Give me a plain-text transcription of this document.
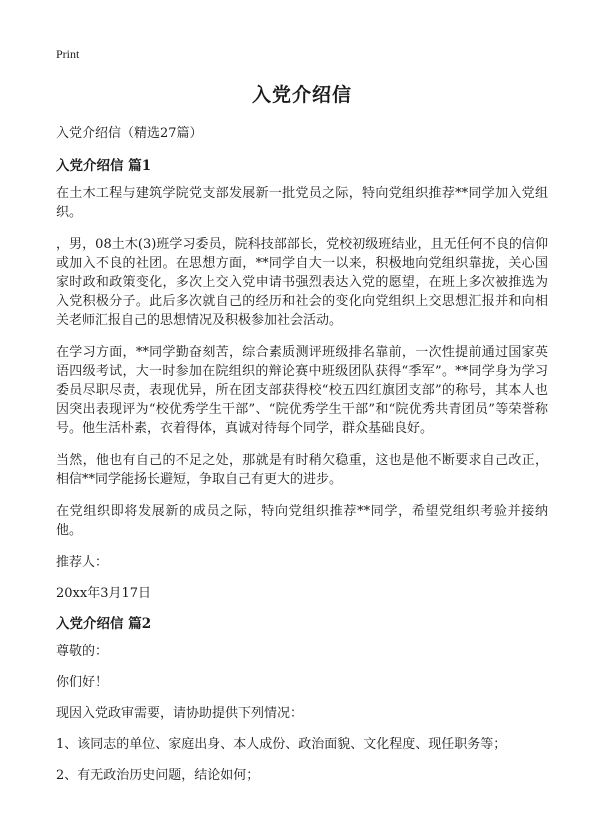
Print
入党介绍信
入党介绍信（精选27篇）
入党介绍信 篇1

在土木工程与建筑学院党支部发展新一批党员之际，特向党组织推荐**同学加入党组织。

，男，08土木(3)班学习委员，院科技部部长，党校初级班结业，且无任何不良的信仰或加入不良的社团。在思想方面，**同学自大一以来，积极地向党组织靠拢，关心国家时政和政策变化，多次上交入党申请书强烈表达入党的愿望，在班上多次被推选为入党积极分子。此后多次就自己的经历和社会的变化向党组织上交思想汇报并和向相关老师汇报自己的思想情况及积极参加社会活动。

在学习方面，**同学勤奋刻苦，综合素质测评班级排名靠前，一次性提前通过国家英语四级考试，大一时参加在院组织的辩论赛中班级团队获得“季军”。**同学身为学习委员尽职尽责，表现优异，所在团支部获得校“校五四红旗团支部”的称号，其本人也因突出表现评为“校优秀学生干部”、“院优秀学生干部”和“院优秀共青团员”等荣誉称号。他生活朴素，衣着得体，真诚对待每个同学，群众基础良好。

当然，他也有自己的不足之处，那就是有时稍欠稳重，这也是他不断要求自己改正，相信**同学能扬长避短，争取自己有更大的进步。

在党组织即将发展新的成员之际，特向党组织推荐**同学，希望党组织考验并接纳他。

推荐人：

20xx年3月17日

入党介绍信 篇2

尊敬的：

你们好！

现因入党政审需要，请协助提供下列情况：

1、该同志的单位、家庭出身、本人成份、政治面貌、文化程度、现任职务等；

2、有无政治历史问题，结论如何；
